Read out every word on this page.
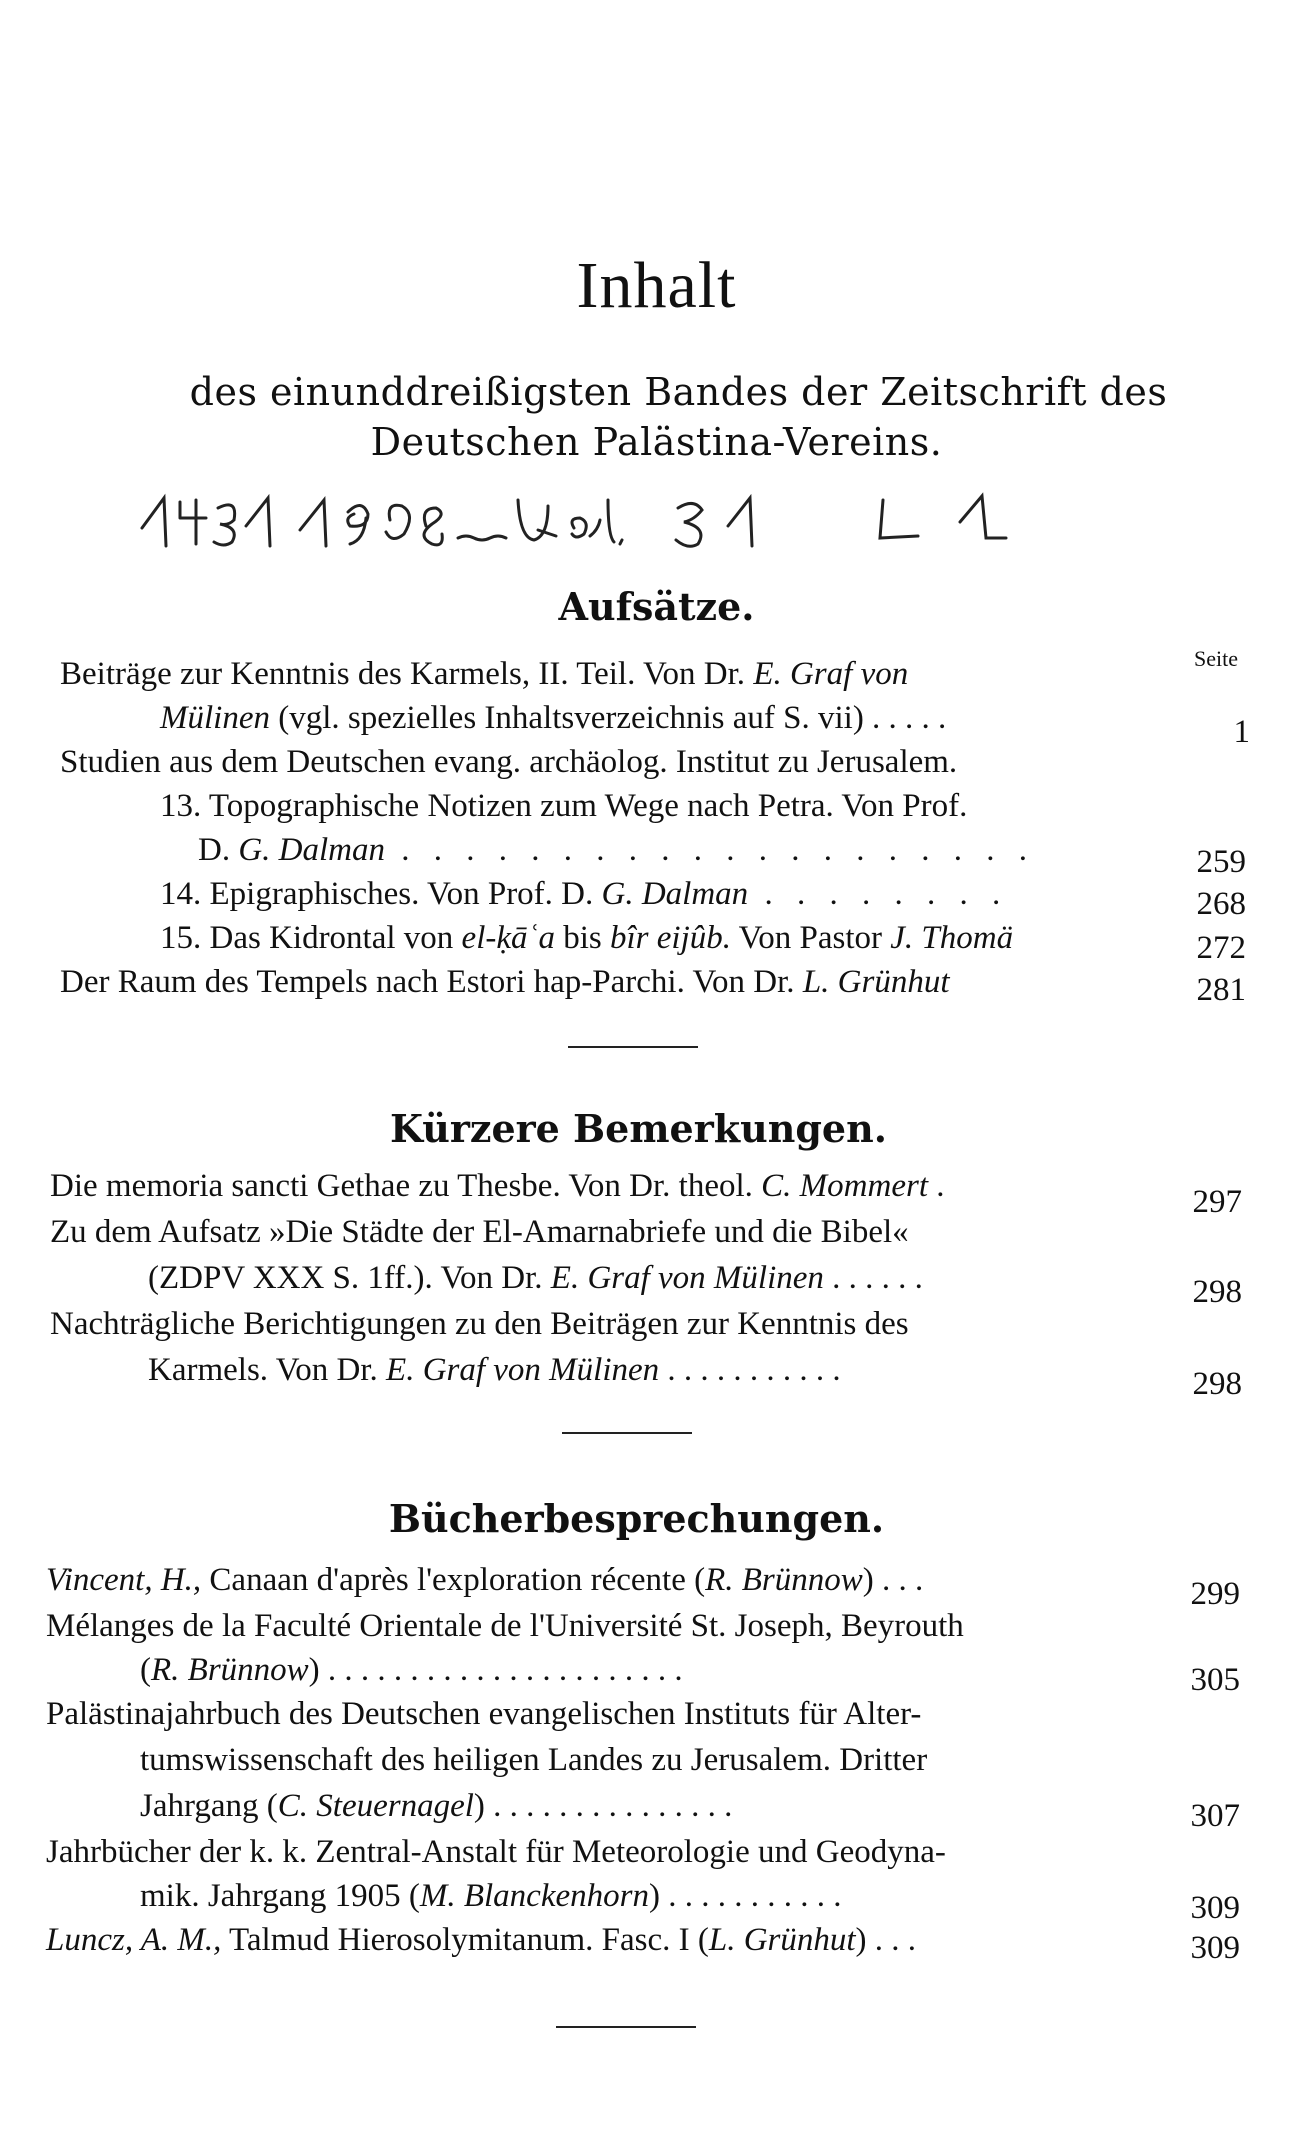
Inhalt
des einunddreißigsten Bandes der Zeitschrift des
Deutschen Palästina-Vereins.
Aufsätze.
Seite
Beiträge zur Kenntnis des Karmels, II. Teil. Von Dr. E. Graf von
Mülinen (vgl. spezielles Inhaltsverzeichnis auf S. vii) . . . . .	1
Studien aus dem Deutschen evang. archäolog. Institut zu Jerusalem.
13. Topographische Notizen zum Wege nach Petra. Von Prof.
D. G. Dalman . . . . . . . . . . . . . . . . . . . .	259
14. Epigraphisches. Von Prof. D. G. Dalman . . . . . . . .	268
15. Das Kidrontal von el-ḳāʿa bis bîr eijûb. Von Pastor J. Thomä	272
Der Raum des Tempels nach Estori hap-Parchi. Von Dr. L. Grünhut	281
Kürzere Bemerkungen.
Die memoria sancti Gethae zu Thesbe. Von Dr. theol. C. Mommert .	297
Zu dem Aufsatz »Die Städte der El-Amarnabriefe und die Bibel«
(ZDPV XXX S. 1ff.). Von Dr. E. Graf von Mülinen . . . . . .	298
Nachträgliche Berichtigungen zu den Beiträgen zur Kenntnis des
Karmels. Von Dr. E. Graf von Mülinen . . . . . . . . . . .	298
Bücherbesprechungen.
Vincent, H., Canaan d'après l'exploration récente (R. Brünnow) . . .	299
Mélanges de la Faculté Orientale de l'Université St. Joseph, Beyrouth
(R. Brünnow) . . . . . . . . . . . . . . . . . . . . . .	305
Palästinajahrbuch des Deutschen evangelischen Instituts für Alter-
tumswissenschaft des heiligen Landes zu Jerusalem. Dritter
Jahrgang (C. Steuernagel) . . . . . . . . . . . . . . .	307
Jahrbücher der k. k. Zentral-Anstalt für Meteorologie und Geodyna-
mik. Jahrgang 1905 (M. Blanckenhorn) . . . . . . . . . . .	309
Luncz, A. M., Talmud Hierosolymitanum. Fasc. I (L. Grünhut) . . .	309
